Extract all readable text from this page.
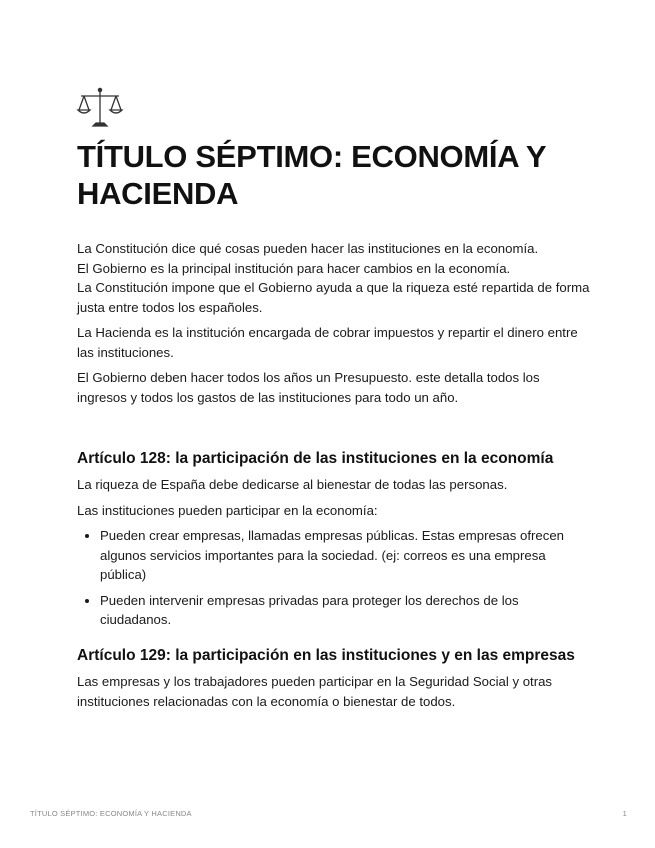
TÍTULO SÉPTIMO: ECONOMÍA Y HACIENDA

La Constitución dice qué cosas pueden hacer las instituciones en la economía.
El Gobierno es la principal institución para hacer cambios en la economía.
La Constitución impone que el Gobierno ayuda a que la riqueza esté repartida de forma justa entre todos los españoles.

La Hacienda es la institución encargada de cobrar impuestos y repartir el dinero entre las instituciones.

El Gobierno deben hacer todos los años un Presupuesto. este detalla todos los ingresos y todos los gastos de las instituciones para todo un año.

Artículo 128: la participación de las instituciones en la economía

La riqueza de España debe dedicarse al bienestar de todas las personas.

Las instituciones pueden participar en la economía:

• Pueden crear empresas, llamadas empresas públicas. Estas empresas ofrecen algunos servicios importantes para la sociedad. (ej: correos es una empresa pública)
• Pueden intervenir empresas privadas para proteger los derechos de los ciudadanos.
Artículo 129: la participación en las instituciones y en las empresas

Las empresas y los trabajadores pueden participar en la Seguridad Social y otras instituciones relacionadas con la economía o bienestar de todos.

TÍTULO SÉPTIMO: ECONOMÍA Y HACIENDA	1
